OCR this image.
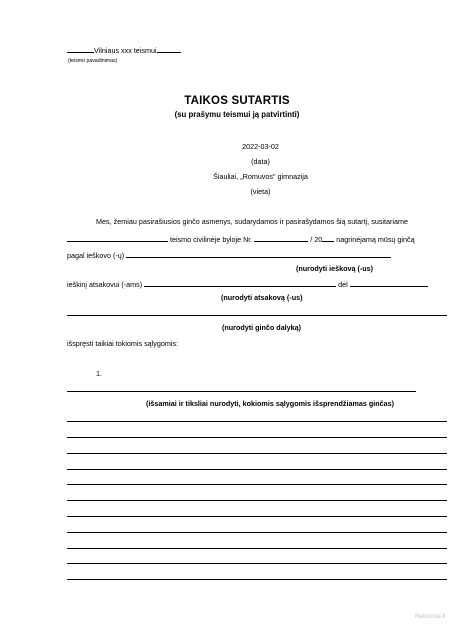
Vilniaus xxx teismui
(teismo pavadinimas)
TAIKOS SUTARTIS
(su prašymu teismui ją patvirtinti)
2022-03-02
(data)
Šiauliai, „Romuvos" gimnazija
(vieta)
Mes, žemiau pasirašiusios ginčo asmenys, sudarydamos ir pasirašydamos šią sutartį, susitariame
teismo civilinėje byloje Nr.	/ 20 nagrinėjamą mūsų ginčą
pagal ieškovo (-ų)
(nurodyti ieškovą (-us)
ieškinį atsakovui (-ams)	dėl
(nurodyti atsakovą (-us)
(nurodyti ginčo dalyką)
išspręsti taikiai tokiomis sąlygomis:
1.
(išsamiai ir tiksliai nurodyti, kokiomis sąlygomis išsprendžiamas ginčas)
Rekvizitai.lt
